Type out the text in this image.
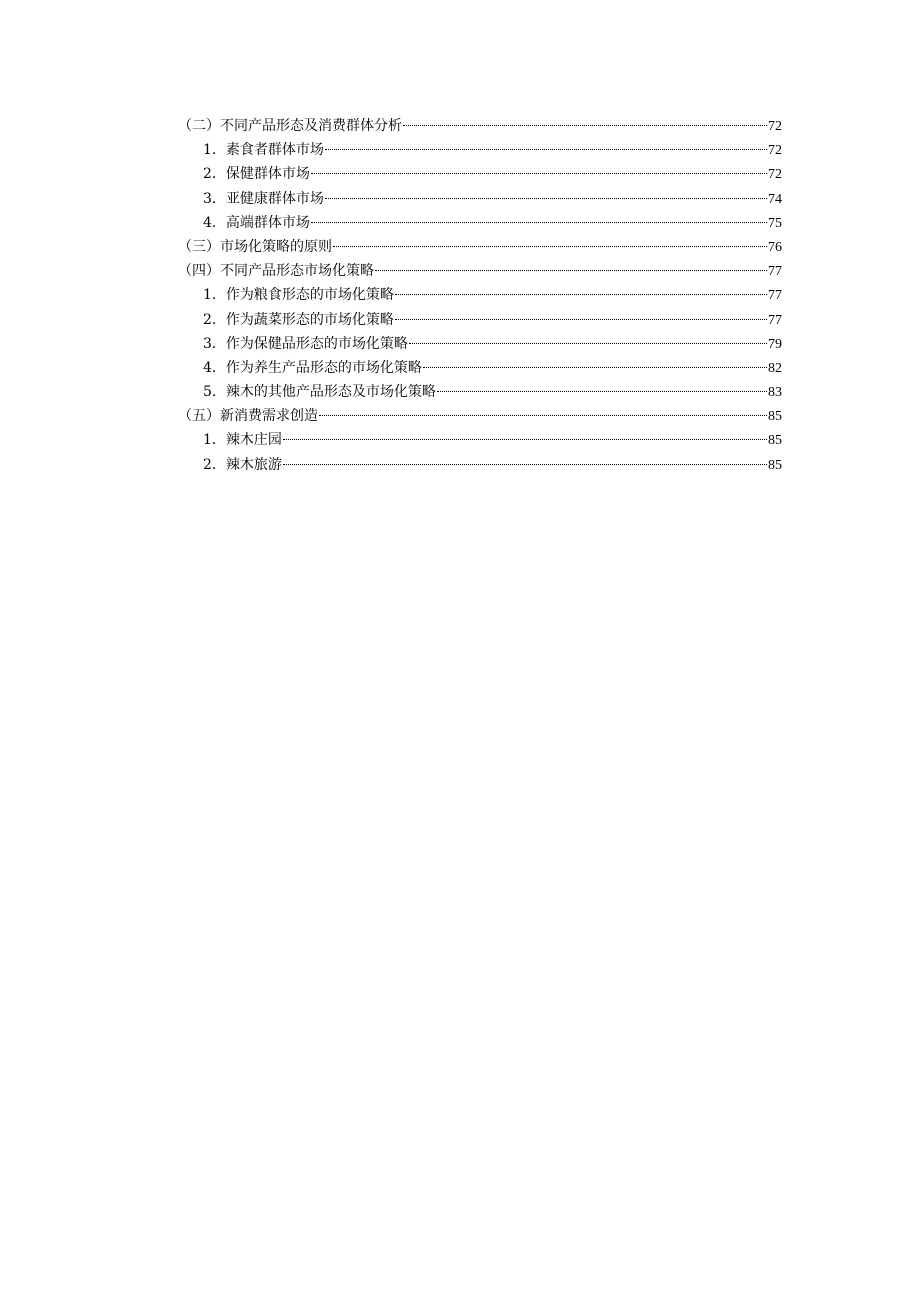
（二）不同产品形态及消费群体分析	72
1．素食者群体市场	72
2．保健群体市场	72
3．亚健康群体市场	74
4．高端群体市场	75
（三）市场化策略的原则	76
（四）不同产品形态市场化策略	77
1．作为粮食形态的市场化策略	77
2．作为蔬菜形态的市场化策略	77
3．作为保健品形态的市场化策略	79
4．作为养生产品形态的市场化策略	82
5．辣木的其他产品形态及市场化策略	83
（五）新消费需求创造	85
1．辣木庄园	85
2．辣木旅游	85
